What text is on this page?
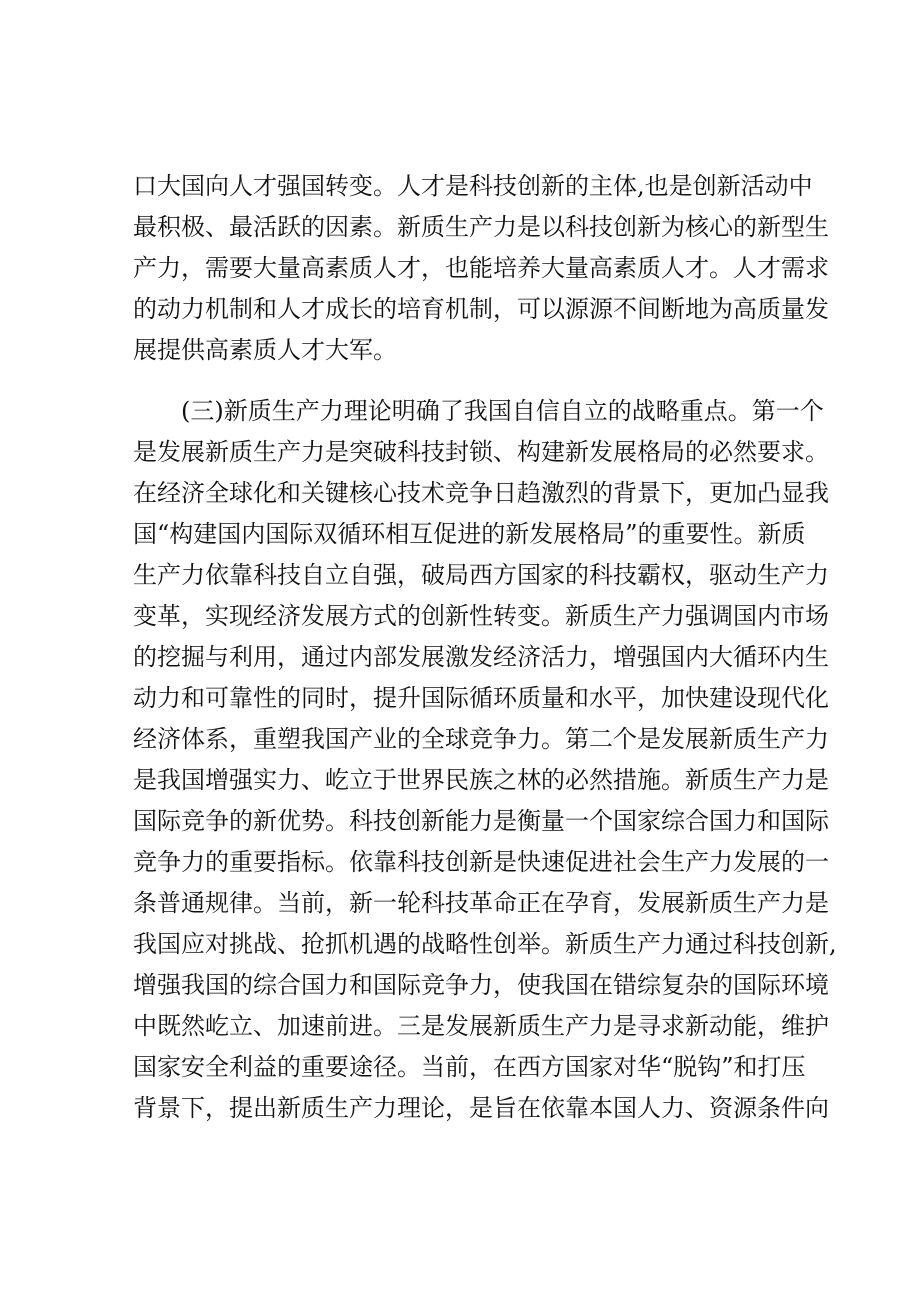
口大国向人才强国转变。人才是科技创新的主体,也是创新活动中
最积极、最活跃的因素。新质生产力是以科技创新为核心的新型生
产力，需要大量高素质人才，也能培养大量高素质人才。人才需求
的动力机制和人才成长的培育机制，可以源源不间断地为高质量发
展提供高素质人才大军。
(三)新质生产力理论明确了我国自信自立的战略重点。第一个
是发展新质生产力是突破科技封锁、构建新发展格局的必然要求。
在经济全球化和关键核心技术竞争日趋激烈的背景下，更加凸显我
国“构建国内国际双循环相互促进的新发展格局”的重要性。新质
生产力依靠科技自立自强，破局西方国家的科技霸权，驱动生产力
变革，实现经济发展方式的创新性转变。新质生产力强调国内市场
的挖掘与利用，通过内部发展激发经济活力，增强国内大循环内生
动力和可靠性的同时，提升国际循环质量和水平，加快建设现代化
经济体系，重塑我国产业的全球竞争力。第二个是发展新质生产力
是我国增强实力、屹立于世界民族之林的必然措施。新质生产力是
国际竞争的新优势。科技创新能力是衡量一个国家综合国力和国际
竞争力的重要指标。依靠科技创新是快速促进社会生产力发展的一
条普通规律。当前，新一轮科技革命正在孕育，发展新质生产力是
我国应对挑战、抢抓机遇的战略性创举。新质生产力通过科技创新,
增强我国的综合国力和国际竞争力，使我国在错综复杂的国际环境
中既然屹立、加速前进。三是发展新质生产力是寻求新动能，维护
国家安全利益的重要途径。当前，在西方国家对华“脱钩”和打压
背景下，提出新质生产力理论，是旨在依靠本国人力、资源条件向
